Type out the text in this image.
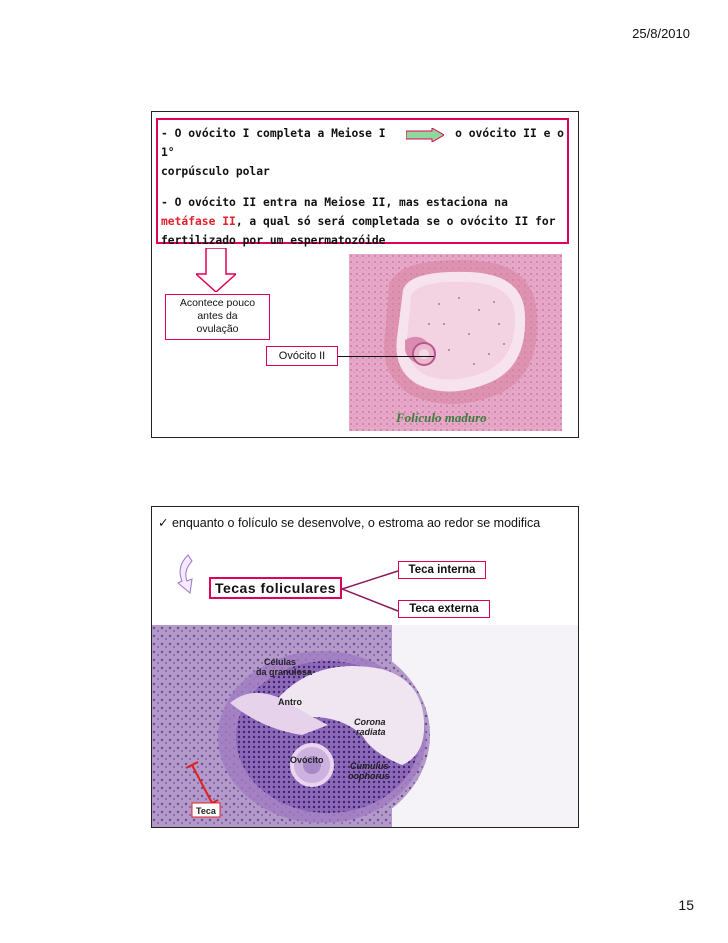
25/8/2010

- O ovócito I completa a Meiose I	o ovócito II e o 1°

corpúsculo polar

- O ovócito II entra na Meiose II, mas estaciona na

metáfase II, a qual só será completada se o ovócito II for

fertilizado por um espermatozóide

Acontece pouco
antes da
ovulação
Ovócito II
Folículo maduro
✓ enquanto o folículo se desenvolve, o estroma ao redor se modifica
Tecas foliculares
Teca interna
Teca externa
Células
da granulosa
Antro
Corona
radiata
Ovócito
Cumulus
oophorus
Teca
15
